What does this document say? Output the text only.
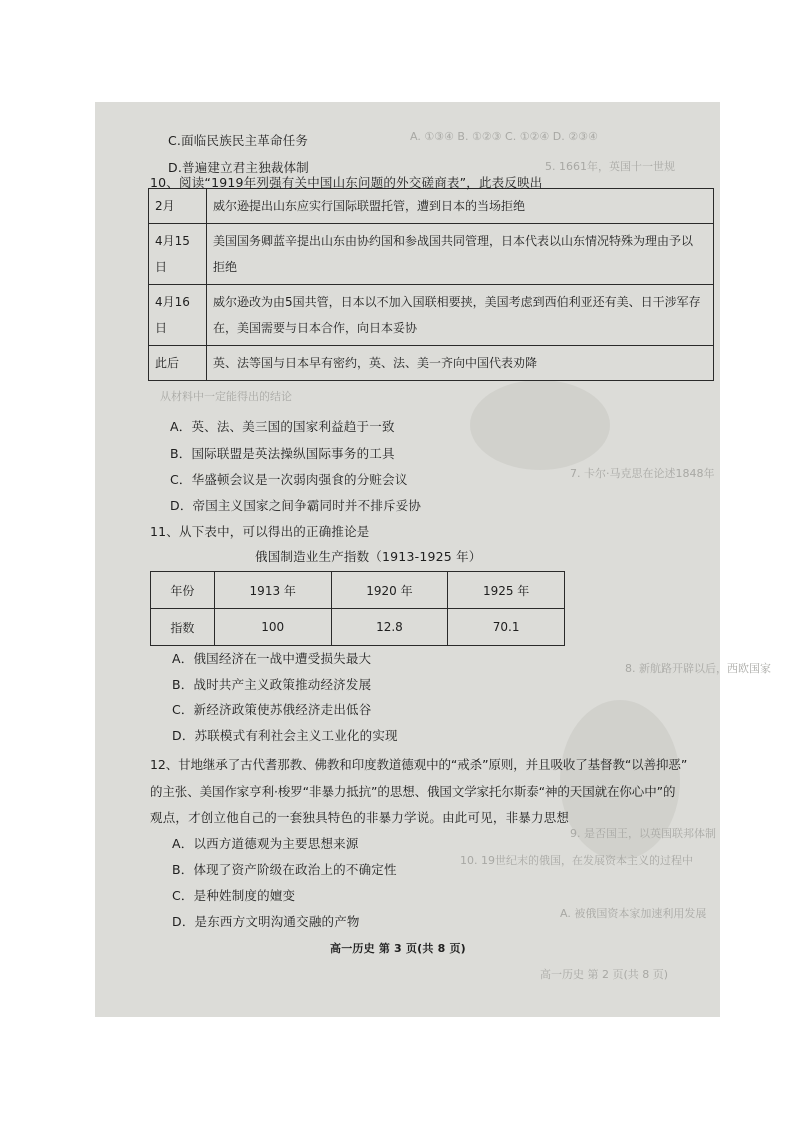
A. ①③④ B. ①②③ C. ①②④ D. ②③④
5. 1661年，英国十一世规
从材料中一定能得出的结论
7. 卡尔·马克思在论述1848年
8. 新航路开辟以后，西欧国家
9. 是否国王，以英国联邦体制
10. 19世纪末的俄国，在发展资本主义的过程中
A. 被俄国资本家加速利用发展
高一历史 第 2 页(共 8 页)
C.面临民族民主革命任务
D.普遍建立君主独裁体制
10、阅读“1919年列强有关中国山东问题的外交磋商表”，此表反映出
2月	威尔逊提出山东应实行国际联盟托管，遭到日本的当场拒绝
4月15日	美国国务卿蓝辛提出山东由协约国和参战国共同管理，日本代表以山东情况特殊为理由予以
拒绝

4月16日	威尔逊改为由5国共管，日本以不加入国联相要挟，美国考虑到西伯利亚还有美、日干涉军存
在，美国需要与日本合作，向日本妥协

此后	英、法等国与日本早有密约，英、法、美一齐向中国代表劝降
A．英、法、美三国的国家利益趋于一致
B．国际联盟是英法操纵国际事务的工具
C．华盛顿会议是一次弱肉强食的分赃会议
D．帝国主义国家之间争霸同时并不排斥妥协
11、从下表中，可以得出的正确推论是
俄国制造业生产指数（1913-1925 年）
年份	1913 年	1920 年	1925 年
指数	100	12.8	70.1
A．俄国经济在一战中遭受损失最大
B．战时共产主义政策推动经济发展
C．新经济政策使苏俄经济走出低谷
D．苏联模式有利社会主义工业化的实现
12、甘地继承了古代耆那教、佛教和印度教道德观中的“戒杀”原则，并且吸收了基督教“以善抑恶”
的主张、美国作家亨利·梭罗“非暴力抵抗”的思想、俄国文学家托尔斯泰“神的天国就在你心中”的
观点，才创立他自己的一套独具特色的非暴力学说。由此可见，非暴力思想
A．以西方道德观为主要思想来源
B．体现了资产阶级在政治上的不确定性
C．是种姓制度的嬗变
D．是东西方文明沟通交融的产物
高一历史 第 3 页(共 8 页)
